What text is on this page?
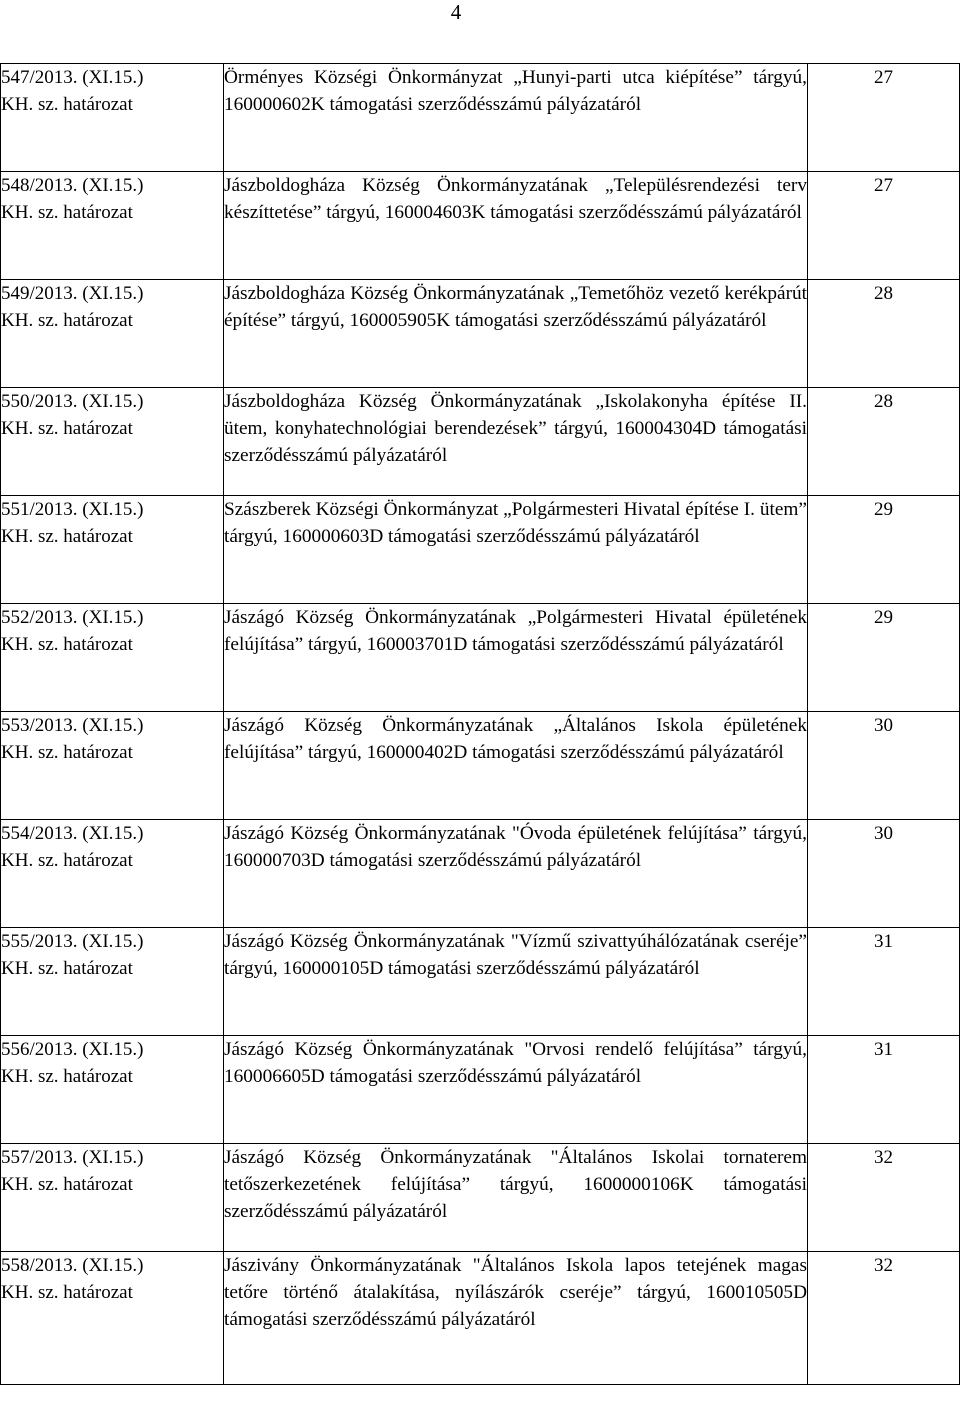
4
547/2013. (XI.15.)
KH. sz. határozat	Örményes Községi Önkormányzat „Hunyi-parti utca kiépítése” tárgyú, 160000602K támogatási szerződésszámú pályázatáról	27

548/2013. (XI.15.)
KH. sz. határozat	Jászboldogháza Község Önkormányzatának „Településrendezési terv készíttetése” tárgyú, 160004603K támogatási szerződésszámú pályázatáról	27

549/2013. (XI.15.)
KH. sz. határozat	Jászboldogháza Község Önkormányzatának „Temetőhöz vezető kerékpárút építése” tárgyú, 160005905K támogatási szerződésszámú pályázatáról	28

550/2013. (XI.15.)
KH. sz. határozat	Jászboldogháza Község Önkormányzatának „Iskolakonyha építése II. ütem, konyhatechnológiai berendezések” tárgyú, 160004304D támogatási szerződésszámú pályázatáról	28

551/2013. (XI.15.)
KH. sz. határozat	Szászberek Községi Önkormányzat „Polgármesteri Hivatal építése I. ütem” tárgyú, 160000603D támogatási szerződésszámú pályázatáról	29

552/2013. (XI.15.)
KH. sz. határozat	Jászágó Község Önkormányzatának „Polgármesteri Hivatal épületének felújítása” tárgyú, 160003701D támogatási szerződésszámú pályázatáról	29

553/2013. (XI.15.)
KH. sz. határozat	Jászágó Község Önkormányzatának „Általános Iskola épületének felújítása” tárgyú, 160000402D támogatási szerződésszámú pályázatáról	30

554/2013. (XI.15.)
KH. sz. határozat	Jászágó Község Önkormányzatának "Óvoda épületének felújítása” tárgyú, 160000703D támogatási szerződésszámú pályázatáról	30

555/2013. (XI.15.)
KH. sz. határozat	Jászágó Község Önkormányzatának "Vízmű szivattyúhálózatának cseréje” tárgyú, 160000105D támogatási szerződésszámú pályázatáról	31

556/2013. (XI.15.)
KH. sz. határozat	Jászágó Község Önkormányzatának "Orvosi rendelő felújítása” tárgyú, 160006605D támogatási szerződésszámú pályázatáról	31

557/2013. (XI.15.)
KH. sz. határozat	Jászágó Község Önkormányzatának "Általános Iskolai tornaterem tetőszerkezetének felújítása” tárgyú, 1600000106K támogatási szerződésszámú pályázatáról	32

558/2013. (XI.15.)
KH. sz. határozat	Jászivány Önkormányzatának "Általános Iskola lapos tetejének magas tetőre történő átalakítása, nyílászárók cseréje” tárgyú, 160010505D támogatási szerződésszámú pályázatáról	32
